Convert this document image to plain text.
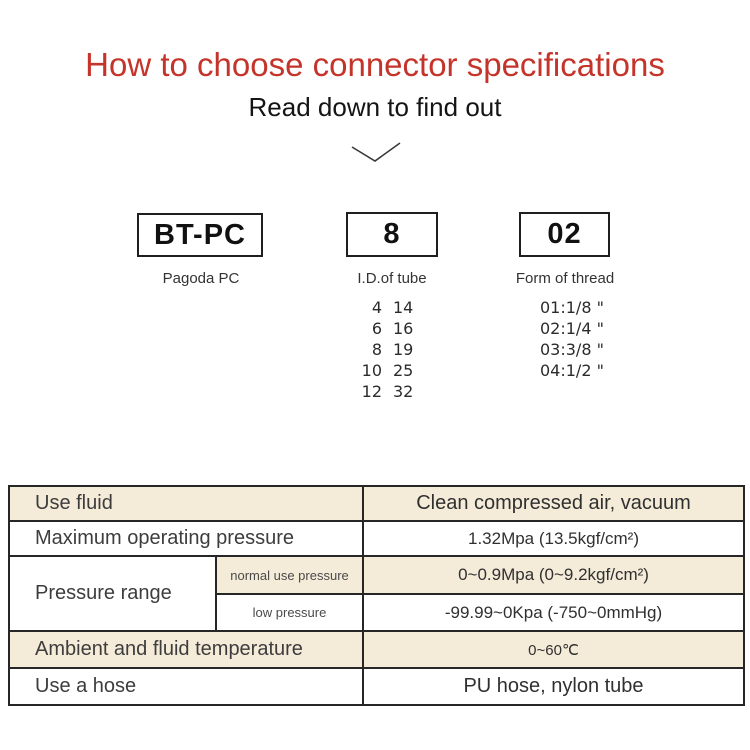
How to choose connector specifications
Read down to find out
BT-PC	8	02
Pagoda PC	I.D.of tube	Form of thread
4 14
6 16
8 19
10 25
12 32
01:1/8 "
02:1/4 "
03:3/8 "
04:1/2 "
Use fluid		Clean compressed air, vacuum
Maximum operating pressure		1.32Mpa (13.5kgf/cm²)
Pressure range	normal use pressure	0~0.9Mpa (0~9.2kgf/cm²)
	low pressure	-99.99~0Kpa (-750~0mmHg)
Ambient and fluid temperature		0~60℃
Use a hose		PU hose, nylon tube
